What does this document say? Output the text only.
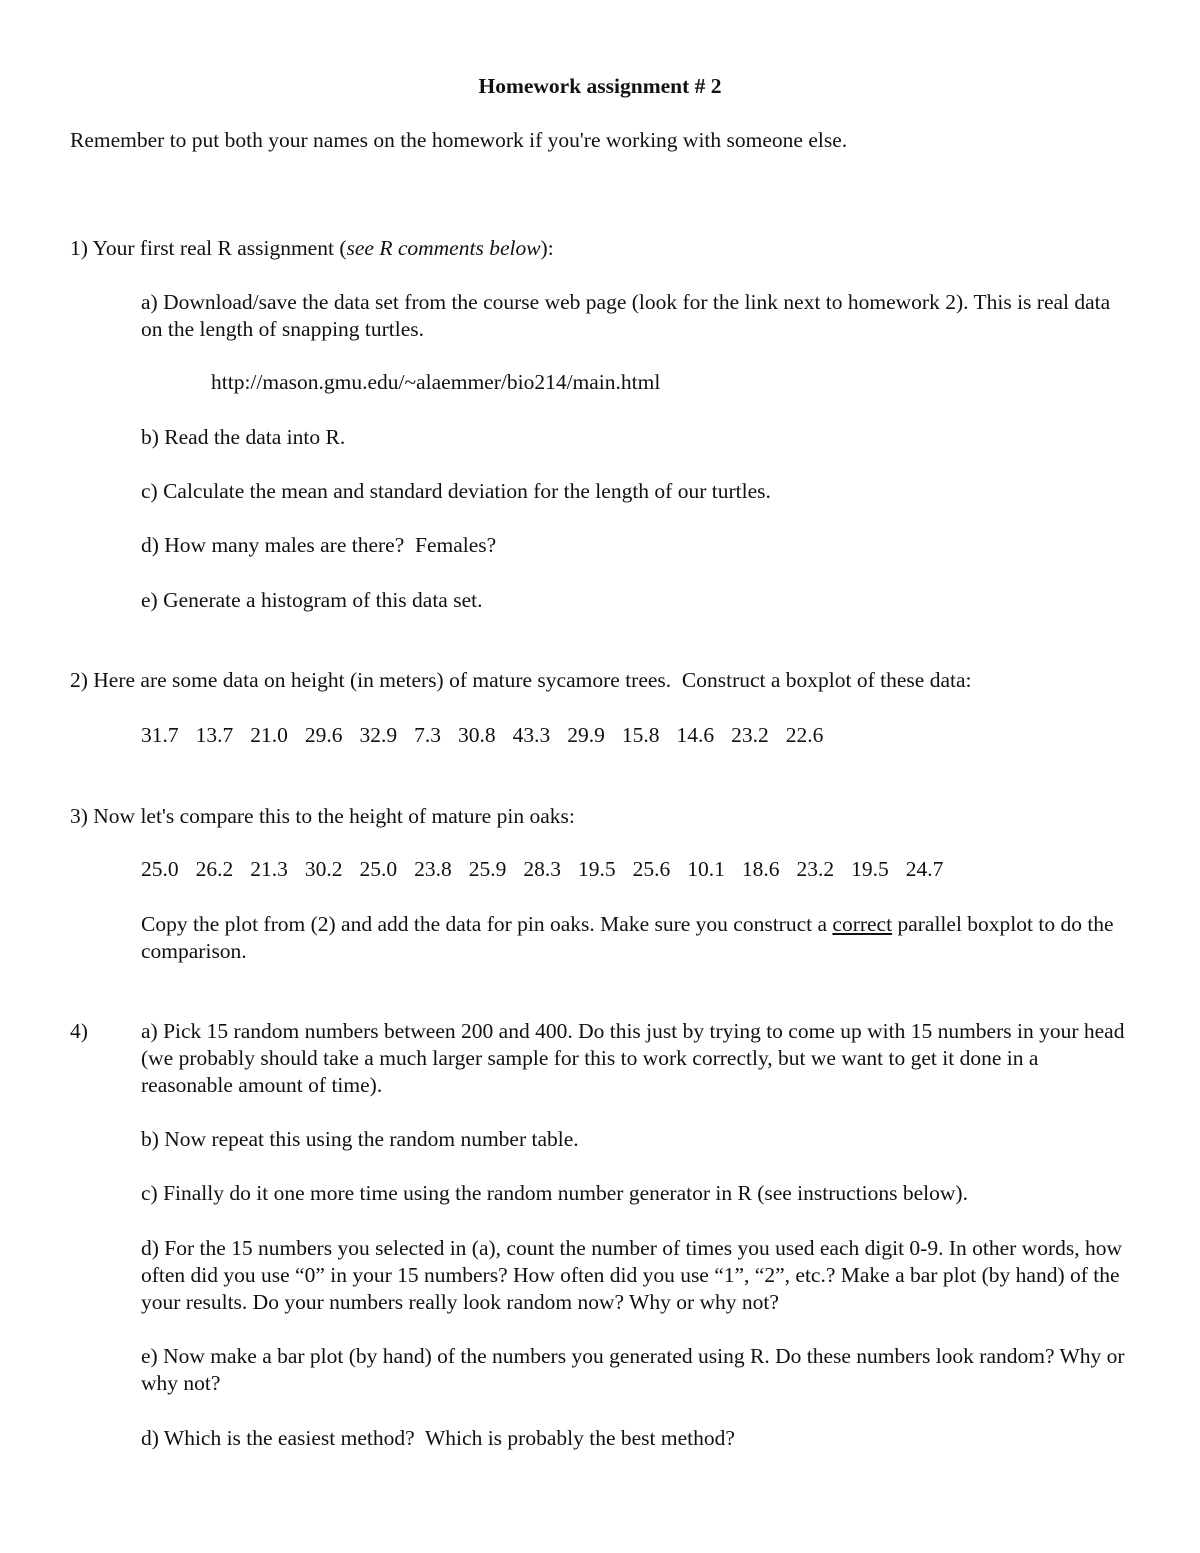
Homework assignment # 2
Remember to put both your names on the homework if you're working with someone else.
1) Your first real R assignment (see R comments below):
a) Download/save the data set from the course web page (look for the link next to homework 2). This is real data on the length of snapping turtles.
http://mason.gmu.edu/~alaemmer/bio214/main.html
b) Read the data into R.
c) Calculate the mean and standard deviation for the length of our turtles.
d) How many males are there?  Females?
e) Generate a histogram of this data set.
2) Here are some data on height (in meters) of mature sycamore trees.  Construct a boxplot of these data:
31.7 13.7 21.0 29.6 32.9 7.3 30.8 43.3 29.9 15.8 14.6 23.2 22.6
3) Now let's compare this to the height of mature pin oaks:
25.0 26.2 21.3 30.2 25.0 23.8 25.9 28.3 19.5 25.6 10.1 18.6 23.2 19.5 24.7
Copy the plot from (2) and add the data for pin oaks. Make sure you construct a correct parallel boxplot to do the comparison.
4) a) Pick 15 random numbers between 200 and 400. Do this just by trying to come up with 15 numbers in your head (we probably should take a much larger sample for this to work correctly, but we want to get it done in a reasonable amount of time).
b) Now repeat this using the random number table.
c) Finally do it one more time using the random number generator in R (see instructions below).
d) For the 15 numbers you selected in (a), count the number of times you used each digit 0-9. In other words, how often did you use “0” in your 15 numbers? How often did you use “1”, “2”, etc.? Make a bar plot (by hand) of the your results. Do your numbers really look random now? Why or why not?
e) Now make a bar plot (by hand) of the numbers you generated using R. Do these numbers look random? Why or why not?
d) Which is the easiest method?  Which is probably the best method?
